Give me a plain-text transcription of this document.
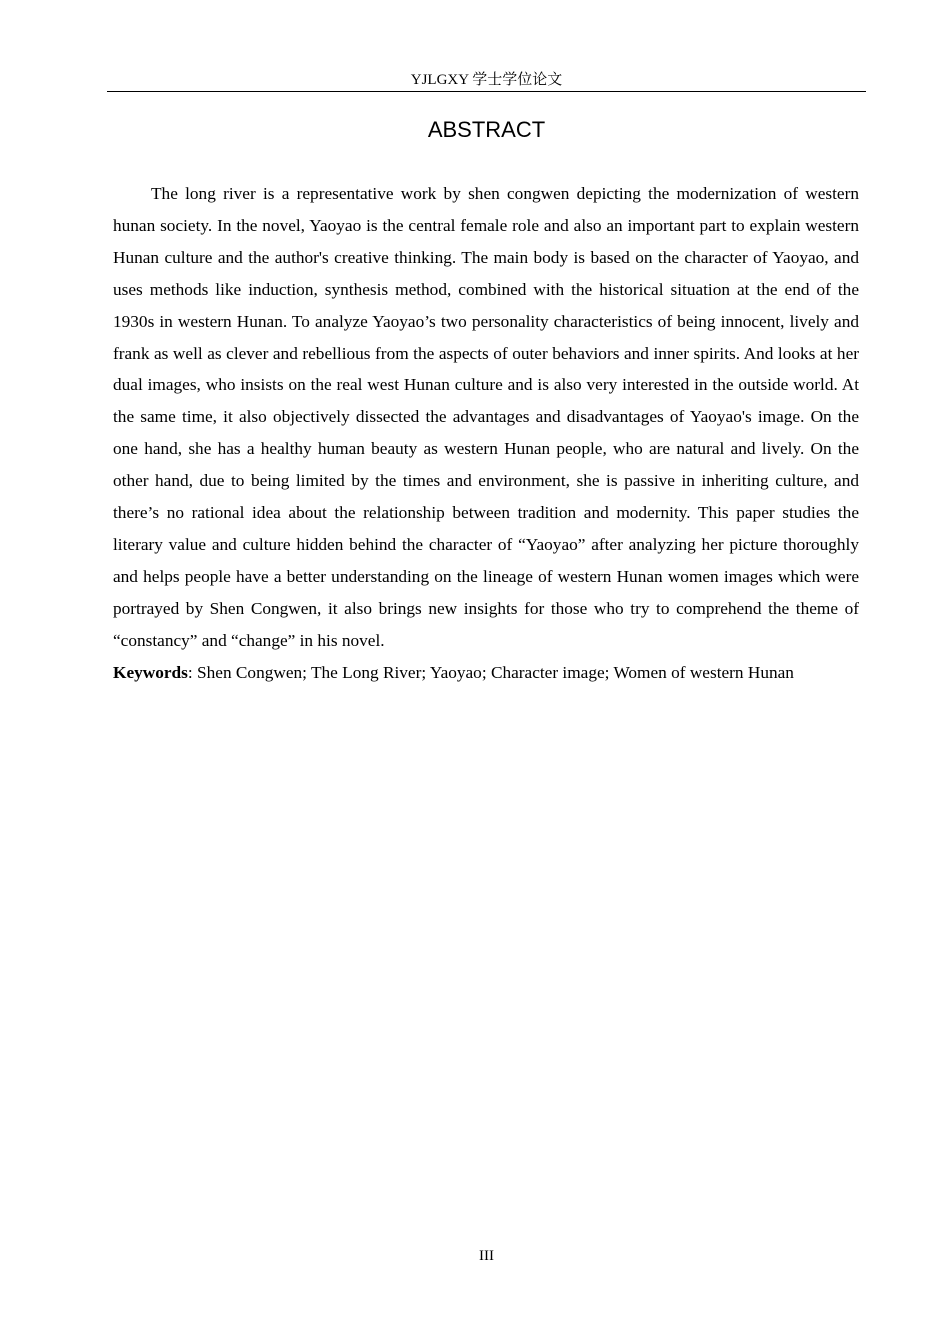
YJLGXY 学士学位论文
ABSTRACT

The long river is a representative work by shen congwen depicting the modernization of western hunan society. In the novel, Yaoyao is the central female role and also an important part to explain western Hunan culture and the author's creative thinking. The main body is based on the character of Yaoyao, and uses methods like induction, synthesis method, combined with the historical situation at the end of the 1930s in western Hunan. To analyze Yaoyao’s two personality characteristics of being innocent, lively and frank as well as clever and rebellious from the aspects of outer behaviors and inner spirits. And looks at her dual images, who insists on the real west Hunan culture and is also very interested in the outside world. At the same time, it also objectively dissected the advantages and disadvantages of Yaoyao's image. On the one hand, she has a healthy human beauty as western Hunan people, who are natural and lively. On the other hand, due to being limited by the times and environment, she is passive in inheriting culture, and there’s no rational idea about the relationship between tradition and modernity. This paper studies the literary value and culture hidden behind the character of “Yaoyao” after analyzing her picture thoroughly and helps people have a better understanding on the lineage of western Hunan women images which were portrayed by Shen Congwen, it also brings new insights for those who try to comprehend the theme of “constancy” and “change” in his novel.

Keywords: Shen Congwen; The Long River; Yaoyao; Character image; Women of western Hunan

III
